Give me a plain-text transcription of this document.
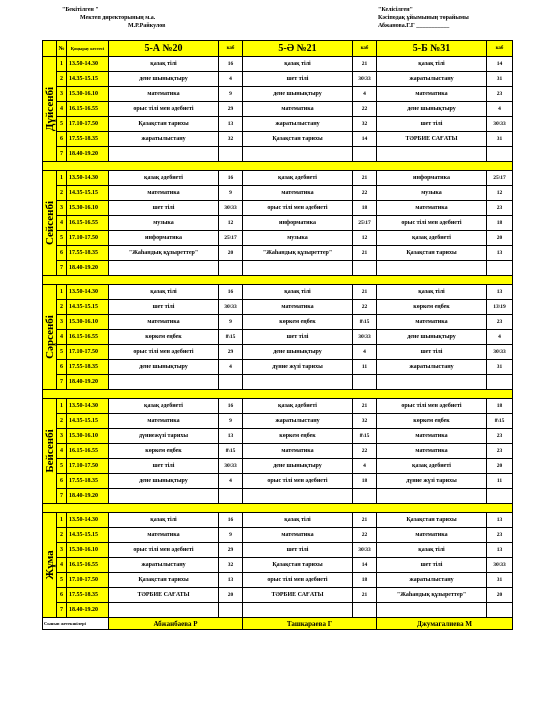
"Бекітілген "
Мектеп директорының м.а.
М.Р.Райкулов
"Келісілген"
Кәсіподақ ұйымының төрайымы
Абжанова.Г.Г ___________
	№	Қоңырау кестесі	5-А №20	каб	5-Ә №21	каб	5-Б №31	каб

Дүйсенбі	1	13.50-14.30	қазақ тілі	16	қазақ тілі	21	қазақ тілі	14
	2	14.35-15.15	дене шынықтыру	4	шет тілі	30\33	жаратылыстану	31
	3	15.30-16.10	математика	9	дене шынықтыру	4	математика	23
	4	16.15-16.55	орыс тілі мен әдебиеті	29	математика	22	дене шынықтыру	4
	5	17.10-17.50	Қазақстан тарихы	13	жаратылыстану	32	шет тілі	30\33
	6	17.55-18.35	жаратылыстану	32	Қазақстан тарихы	14	ТӘРБИЕ САҒАТЫ	31
	7	18.40-19.20						

Сейсенбі	1	13.50-14.30	қазақ әдебиеті	16	қазақ әдебиеті	21	информатика	25\17
	2	14.35-15.15	математика	9	математика	22	музыка	12
	3	15.30-16.10	шет тілі	30\33	орыс тілі мен әдебиеті	18	математика	23
	4	16.15-16.55	музыка	12	информатика	25\17	орыс тілі мен әдебиеті	18
	5	17.10-17.50	информатика	25\17	музыка	12	қазақ әдебиеті	20
	6	17.55-18.35	"Жаһандық құзыреттер"	20	"Жаһандық құзыреттер"	21	Қазақстан тарихы	13
	7	18.40-19.20						

Сәрсенбі	1	13.50-14.30	қазақ тілі	16	қазақ тілі	21	қазақ тілі	13
	2	14.35-15.15	шет тілі	30\33	математика	22	көркем еңбек	13\19
	3	15.30-16.10	математика	9	көркем еңбек	8\15	математика	23
	4	16.15-16.55	көркем еңбек	8\15	шет тілі	30\33	дене шынықтыру	4
	5	17.10-17.50	орыс тілі мен әдебиеті	29	дене шынықтыру	4	шет тілі	30\33
	6	17.55-18.35	дене шынықтыру	4	дүние жүзі тарихы	11	жаратылыстану	31
	7	18.40-19.20						

Бейсенбі	1	13.50-14.30	қазақ әдебиеті	16	қазақ әдебиеті	21	орыс тілі мен әдебиеті	18
	2	14.35-15.15	математика	9	жаратылыстану	32	көркем еңбек	8\15
	3	15.30-16.10	дүниежүзі тарихы	13	көркем еңбек	8\15	математика	23
	4	16.15-16.55	көркем еңбек	8\15	математика	22	математика	23
	5	17.10-17.50	шет тілі	30\33	дене шынықтыру	4	қазақ әдебиеті	20
	6	17.55-18.35	дене шынықтыру	4	орыс тілі мен әдебиеті	18	дүние жүзі тарихы	11
	7	18.40-19.20						

Жұма	1	13.50-14.30	қазақ тілі	16	қазақ тілі	21	Қазақстан тарихы	13
	2	14.35-15.15	математика	9	математика	22	математика	23
	3	15.30-16.10	орыс тілі мен әдебиеті	29	шет тілі	30\33	қазақ тілі	13
	4	16.15-16.55	жаратылыстану	32	Қазақстан тарихы	14	шет тілі	30\33
	5	17.10-17.50	Қазақстан тарихы	13	орыс тілі мен әдебиеті	18	жаратылыстану	31
	6	17.55-18.35	ТӘРБИЕ САҒАТЫ	20	ТӘРБИЕ САҒАТЫ	21	"Жаһандық құзыреттер"	20
	7	18.40-19.20						
Сынып жетекшілері			Абжанбаева Р		Ташкараева Г		Джумагалиева М	
